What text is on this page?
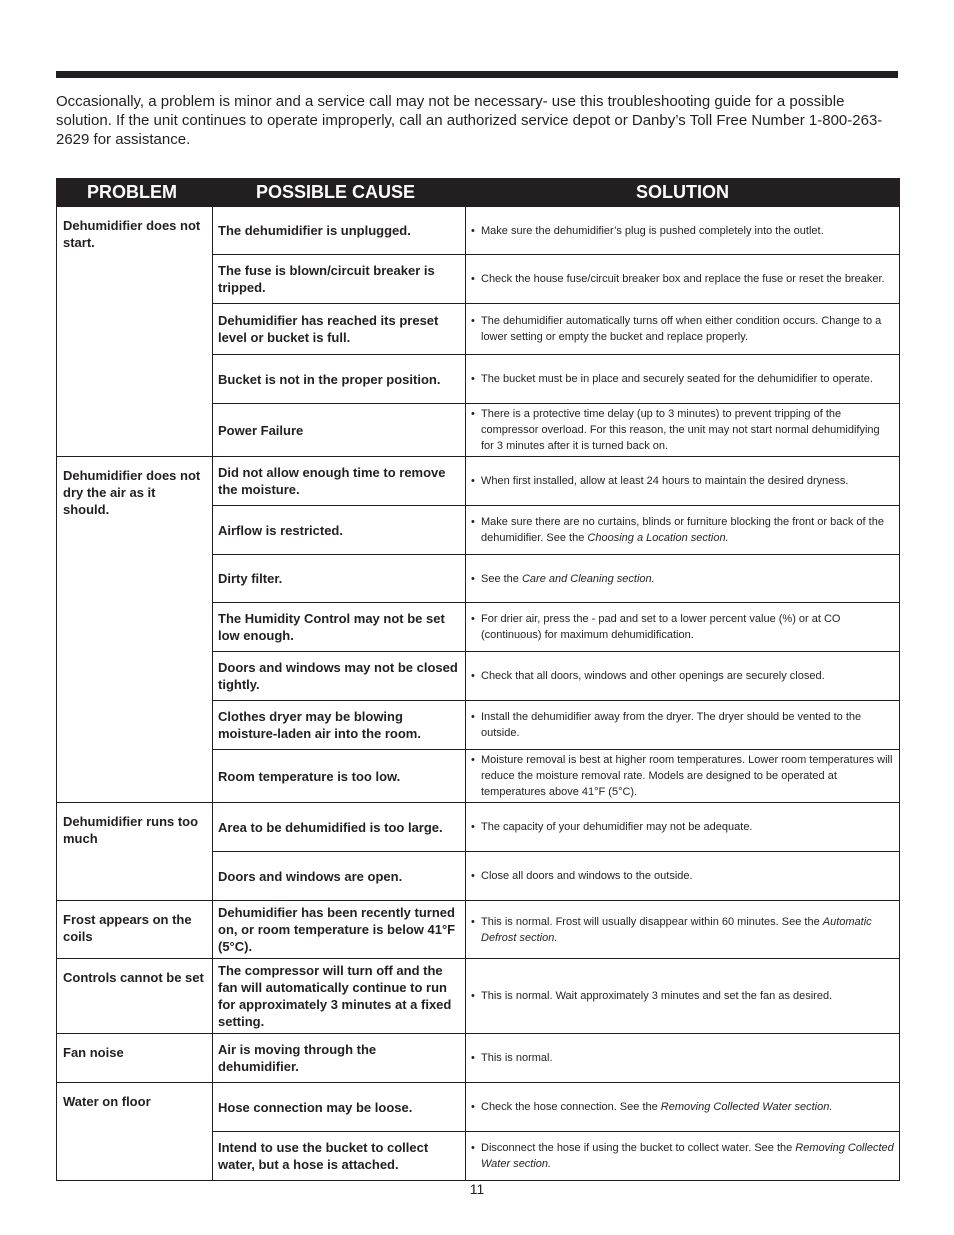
Occasionally, a problem is minor and a service call may not be necessary- use this troubleshooting guide for a possible solution. If the unit continues to operate improperly, call an authorized service depot or Danby’s Toll Free Number 1-800-263-2629 for assistance.

PROBLEM	POSSIBLE CAUSE	SOLUTION
Dehumidifier does not start.	The dehumidifier is unplugged.	• Make sure the dehumidifier’s plug is pushed completely into the outlet.

	The fuse is blown/circuit breaker is tripped.	• Check the house fuse/circuit breaker box and replace the fuse or reset the breaker.

	Dehumidifier has reached its preset level or bucket is full.	• The dehumidifier automatically turns off when either condition occurs. Change to a lower setting or empty the bucket and replace properly.

	Bucket is not in the proper position.	• The bucket must be in place and securely seated for the dehumidifier to operate.

	Power Failure	• There is a protective time delay (up to 3 minutes) to prevent tripping of the compressor overload. For this reason, the unit may not start normal dehumidifying for 3 minutes after it is turned back on.

Dehumidifier does not dry the air as it should.	Did not allow enough time to remove the moisture.	• When first installed, allow at least 24 hours to maintain the desired dryness.

	Airflow is restricted.	• Make sure there are no curtains, blinds or furniture blocking the front or back of the dehumidifier. See the Choosing a Location section.

	Dirty filter.	• See the Care and Cleaning section.

	The Humidity Control may not be set low enough.	• For drier air, press the - pad and set to a lower percent value (%) or at CO (continuous) for maximum dehumidification.

	Doors and windows may not be closed tightly.	• Check that all doors, windows and other openings are securely closed.

	Clothes dryer may be blowing moisture-laden air into the room.	• Install the dehumidifier away from the dryer. The dryer should be vented to the outside.

	Room temperature is too low.	• Moisture removal is best at higher room temperatures. Lower room temperatures will reduce the moisture removal rate. Models are designed to be operated at temperatures above 41°F (5°C).

Dehumidifier runs too much	Area to be dehumidified is too large.	• The capacity of your dehumidifier may not be adequate.

	Doors and windows are open.	• Close all doors and windows to the outside.

Frost appears on the coils	Dehumidifier has been recently turned on, or room temperature is below 41°F (5°C).	• This is normal. Frost will usually disappear within 60 minutes. See the Automatic Defrost section.

Controls cannot be set	The compressor will turn off and the fan will automatically continue to run for approximately 3 minutes at a fixed setting.	• This is normal. Wait approximately 3 minutes and set the fan as desired.

Fan noise	Air is moving through the dehumidifier.	• This is normal.

Water on floor	Hose connection may be loose.	• Check the hose connection. See the Removing Collected Water section.

	Intend to use the bucket to collect water, but a hose is attached.	• Disconnect the hose if using the bucket to collect water. See the Removing Collected Water section.
11
